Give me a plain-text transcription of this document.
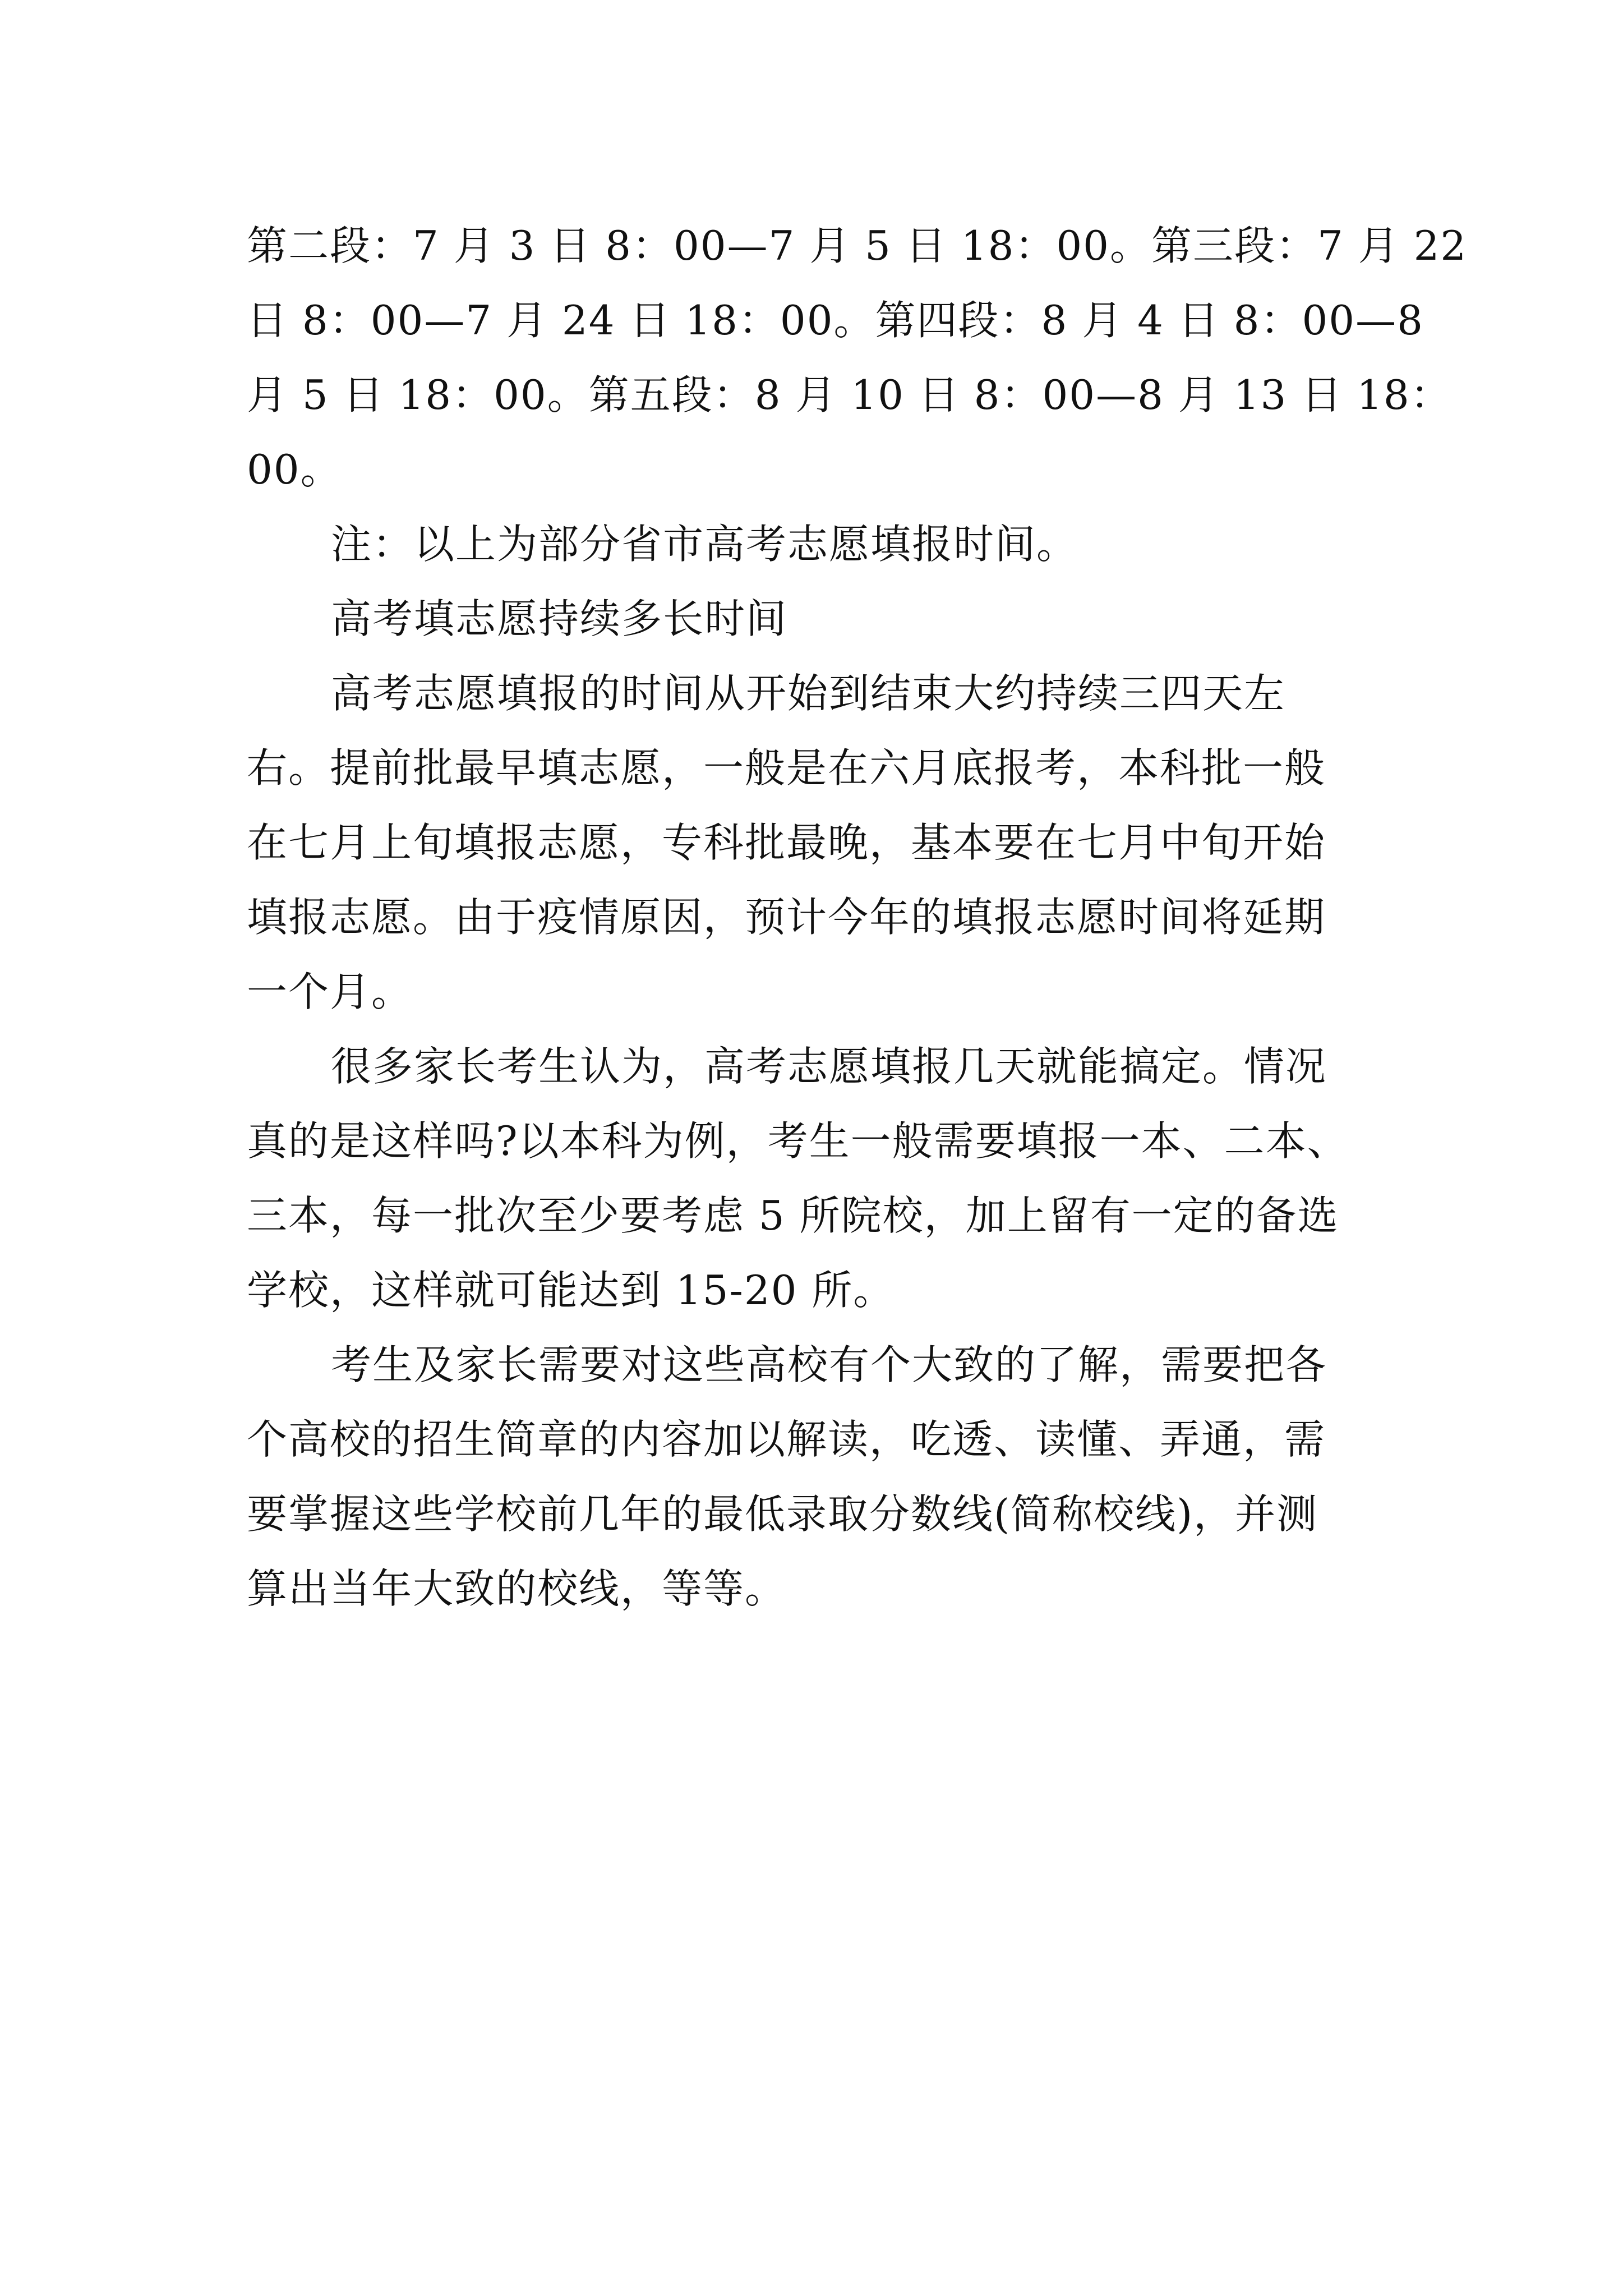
第二段：7 月 3 日 8：00—7 月 5 日 18：00。第三段：7 月 22
日 8：00—7 月 24 日 18：00。第四段：8 月 4 日 8：00—8
月 5 日 18：00。第五段：8 月 10 日 8：00—8 月 13 日 18：
00。

注：以上为部分省市高考志愿填报时间。

高考填志愿持续多长时间
高考志愿填报的时间从开始到结束大约持续三四天左
右。提前批最早填志愿，一般是在六月底报考，本科批一般
在七月上旬填报志愿，专科批最晚，基本要在七月中旬开始
填报志愿。由于疫情原因，预计今年的填报志愿时间将延期
一个月。
很多家长考生认为，高考志愿填报几天就能搞定。情况
真的是这样吗?以本科为例，考生一般需要填报一本、二本、
三本，每一批次至少要考虑 5 所院校，加上留有一定的备选
学校，这样就可能达到 15-20 所。
考生及家长需要对这些高校有个大致的了解，需要把各
个高校的招生简章的内容加以解读，吃透、读懂、弄通，需
要掌握这些学校前几年的最低录取分数线(简称校线)，并测
算出当年大致的校线，等等。
